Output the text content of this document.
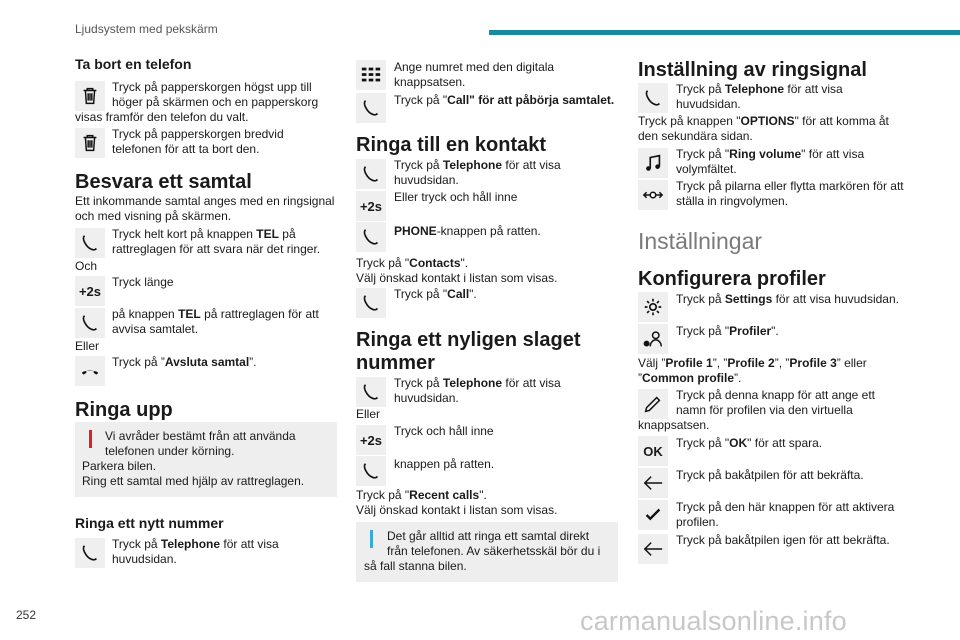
Ljudsystem med pekskärm
Ta bort en telefon
Tryck på papperskorgen högst upp till höger på skärmen och en papperskorg
visas framför den telefon du valt.
Tryck på papperskorgen bredvid telefonen för att ta bort den.
Besvara ett samtal
Ett inkommande samtal anges med en ringsignal och med visning på skärmen.
Tryck helt kort på knappen TEL på rattreglagen för att svara när det ringer.
Och
+2s
Tryck länge
på knappen TEL på rattreglagen för att avvisa samtalet.
Eller
Tryck på ”Avsluta samtal”.
Ringa upp
Vi avråder bestämt från att använda telefonen under körning.
Parkera bilen.
Ring ett samtal med hjälp av rattreglagen.
Ringa ett nytt nummer
Tryck på Telephone för att visa huvudsidan.
Ange numret med den digitala knappsatsen.
Tryck på "Call" för att påbörja samtalet.
Ringa till en kontakt
Tryck på Telephone för att visa huvudsidan.
+2s
Eller tryck och håll inne
PHONE-knappen på ratten.
Tryck på "Contacts".
Välj önskad kontakt i listan som visas.
Tryck på "Call".
Ringa ett nyligen slaget
nummer
Tryck på Telephone för att visa huvudsidan.
Eller
+2s
Tryck och håll inne
knappen på ratten.
Tryck på "Recent calls".
Välj önskad kontakt i listan som visas.
Det går alltid att ringa ett samtal direkt från telefonen. Av säkerhetsskäl bör du i
så fall stanna bilen.
Inställning av ringsignal
Tryck på Telephone för att visa huvudsidan.
Tryck på knappen "OPTIONS" för att komma åt den sekundära sidan.
Tryck på "Ring volume" för att visa volymfältet.
Tryck på pilarna eller flytta markören för att ställa in ringvolymen.
Inställningar
Konfigurera profiler
Tryck på Settings för att visa huvudsidan.
Tryck på "Profiler".
Välj ”Profile 1”, ”Profile 2”, ”Profile 3” eller
”Common profile”.
Tryck på denna knapp för att ange ett namn för profilen via den virtuella
knappsatsen.
OK
Tryck på "OK" för att spara.
Tryck på bakåtpilen för att bekräfta.
Tryck på den här knappen för att aktivera profilen.
Tryck på bakåtpilen igen för att bekräfta.
252	carmanualsonline.info
